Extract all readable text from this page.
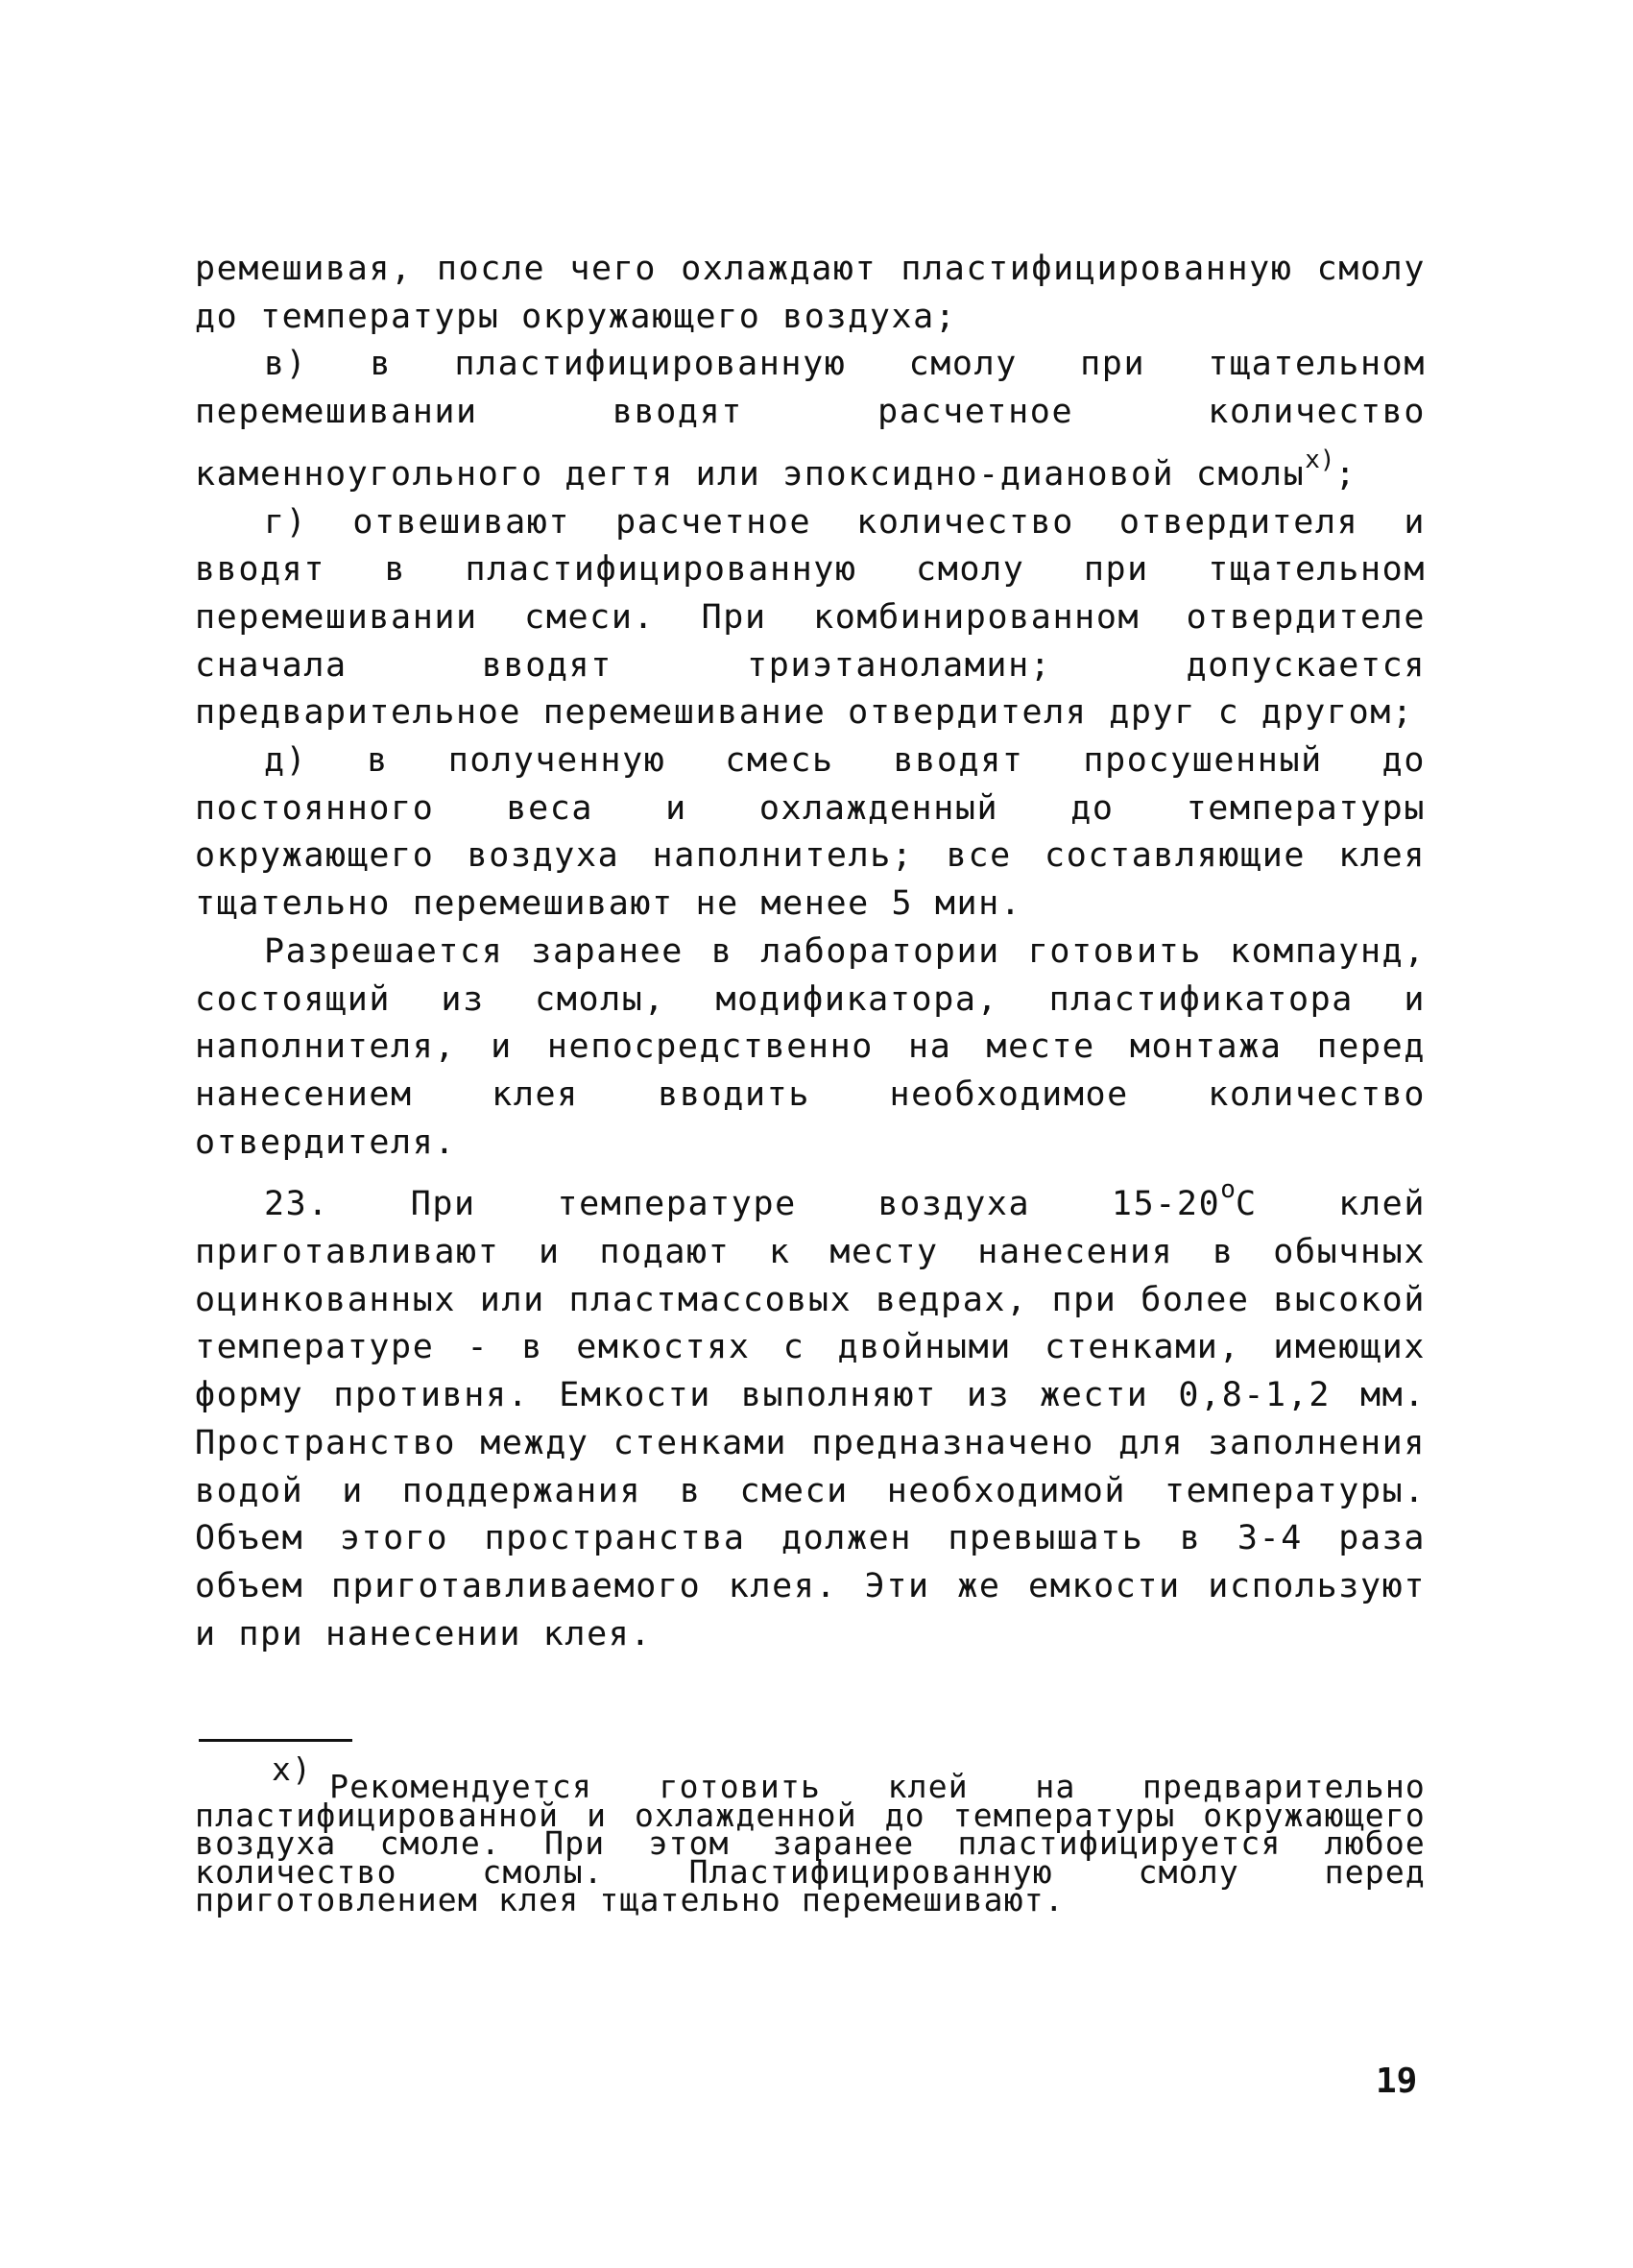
ремешивая, после чего охлаждают пластифицированную смолу до температуры окружающего воздуха;

в) в пластифицированную смолу при тщательном перемешивании вводят расчетное количество каменноугольного дегтя или эпоксидно-диановой смолы$^{x)}$;

г) отвешивают расчетное количество отвердителя и вводят в пластифицированную смолу при тщательном перемешивании смеси. При комбинированном отвердителе сначала вводят триэтаноламин; допускается предварительное перемешивание отвердителя друг с другом;

д) в полученную смесь вводят просушенный до постоянного веса и охлажденный до температуры окружающего воздуха наполнитель; все составляющие клея тщательно перемешивают не менее 5 мин.

Разрешается заранее в лаборатории готовить компаунд, состоящий из смолы, модификатора, пластификатора и наполнителя, и непосредственно на месте монтажа перед нанесением клея вводить необходимое количество отвердителя.

23. При температуре воздуха $15-20^оС$ клей приготавливают и подают к месту нанесения в обычных оцинкованных или пластмассовых ведрах, при более высокой температуре - в емкостях с двойными стенками, имеющих форму противня. Емкости выполняют из жести 0,8-1,2 мм. Пространство между стенками предназначено для заполнения водой и поддержания в смеси необходимой температуры. Объем этого пространства должен превышать в 3-4 раза объем приготавливаемого клея. Эти же емкости используют и при нанесении клея.

x) Рекомендуется готовить клей на предварительно пластифицированной и охлажденной до температуры окружающего воздуха смоле. При этом заранее пластифицируется любое количество смолы. Пластифицированную смолу перед приготовлением клея тщательно перемешивают.

19
